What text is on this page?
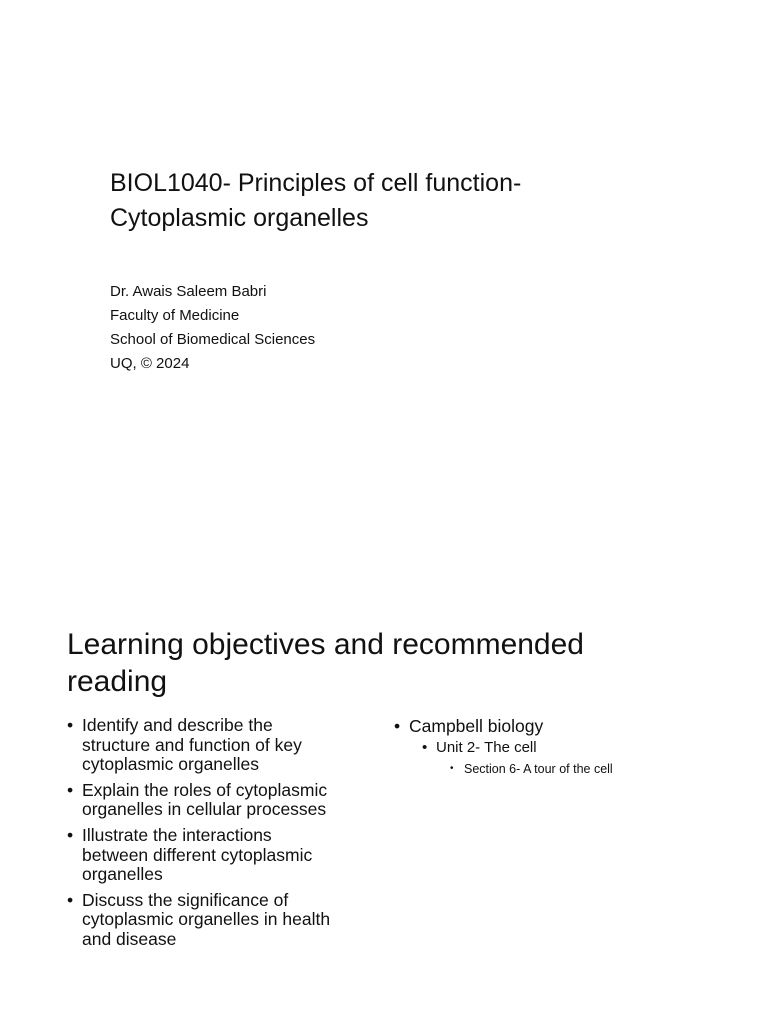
BIOL1040- Principles of cell function-
Cytoplasmic organelles
Dr. Awais Saleem Babri
Faculty of Medicine
School of Biomedical Sciences
UQ, © 2024
Learning objectives and recommended
reading
• Identify and describe the
structure and function of key
cytoplasmic organelles
• Explain the roles of cytoplasmic
organelles in cellular processes
• Illustrate the interactions
between different cytoplasmic
organelles
• Discuss the significance of
cytoplasmic organelles in health
and disease
• Campbell biology
• Unit 2- The cell
• Section 6- A tour of the cell
